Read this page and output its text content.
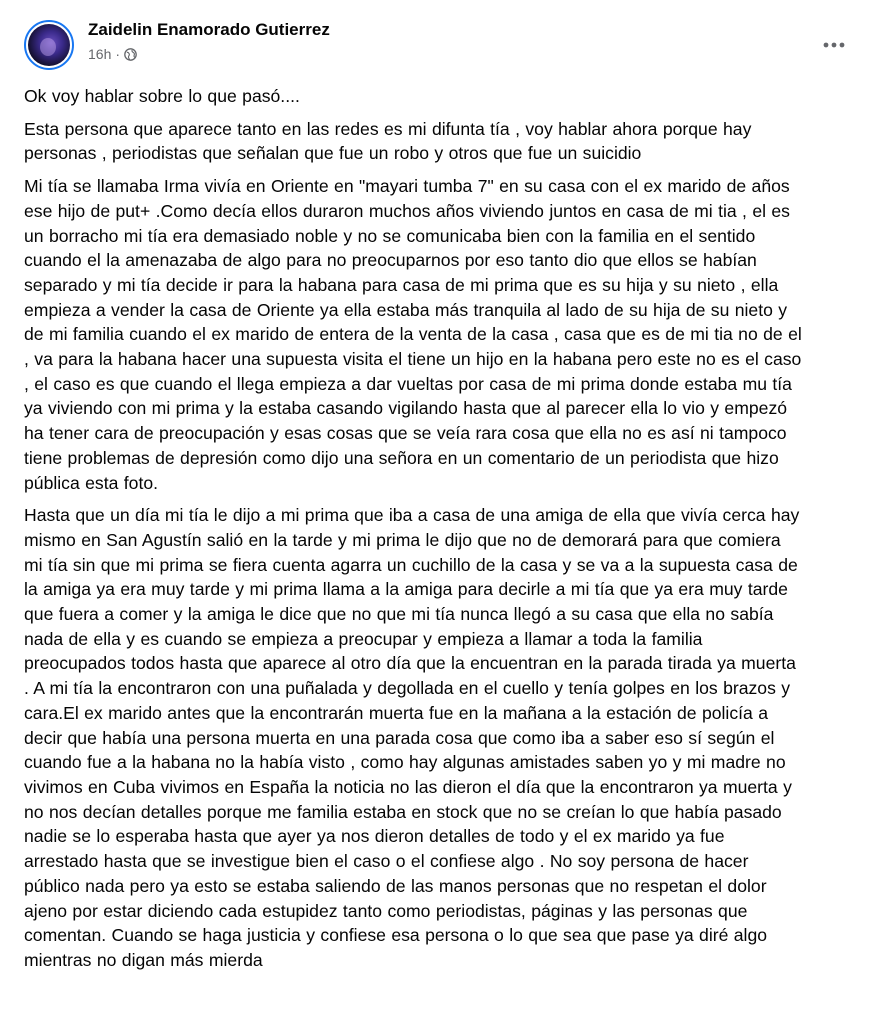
Zaidelin Enamorado Gutierrez
16h ·

Ok voy hablar sobre lo que pasó....

Esta persona que aparece tanto en las redes es mi difunta tía , voy hablar ahora porque hay
personas , periodistas que señalan que fue un robo y otros que fue un suicidio

Mi tía se llamaba Irma vivía en Oriente en "mayari tumba 7" en su casa con el ex marido de años
ese hijo de put+ .Como decía ellos duraron muchos años viviendo juntos en casa de mi tia , el es
un borracho mi tía era demasiado noble y no se comunicaba bien con la familia en el sentido
cuando el la amenazaba de algo para no preocuparnos por eso tanto dio que ellos se habían
separado y mi tía decide ir para la habana para casa de mi prima que es su hija y su nieto , ella
empieza a vender la casa de Oriente ya ella estaba más tranquila al lado de su hija de su nieto y
de mi familia cuando el ex marido de entera de la venta de la casa , casa que es de mi tia no de el
, va para la habana hacer una supuesta visita el tiene un hijo en la habana pero este no es el caso
, el caso es que cuando el llega empieza a dar vueltas por casa de mi prima donde estaba mu tía
ya viviendo con mi prima y la estaba casando vigilando hasta que al parecer ella lo vio y empezó
ha tener cara de preocupación y esas cosas que se veía rara cosa que ella no es así ni tampoco
tiene problemas de depresión como dijo una señora en un comentario de un periodista que hizo
pública esta foto.

Hasta que un día mi tía le dijo a mi prima que iba a casa de una amiga de ella que vivía cerca hay
mismo en San Agustín salió en la tarde y mi prima le dijo que no de demorará para que comiera
mi tía sin que mi prima se fiera cuenta agarra un cuchillo de la casa y se va a la supuesta casa de
la amiga ya era muy tarde y mi prima llama a la amiga para decirle a mi tía que ya era muy tarde
que fuera a comer y la amiga le dice que no que mi tía nunca llegó a su casa que ella no sabía
nada de ella y es cuando se empieza a preocupar y empieza a llamar a toda la familia
preocupados todos hasta que aparece al otro día que la encuentran en la parada tirada ya muerta
. A mi tía la encontraron con una puñalada y degollada en el cuello y tenía golpes en los brazos y
cara.El ex marido antes que la encontrarán muerta fue en la mañana a la estación de policía a
decir que había una persona muerta en una parada cosa que como iba a saber eso sí según el
cuando fue a la habana no la había visto , como hay algunas amistades saben yo y mi madre no
vivimos en Cuba vivimos en España la noticia no las dieron el día que la encontraron ya muerta y
no nos decían detalles porque me familia estaba en stock que no se creían lo que había pasado
nadie se lo esperaba hasta que ayer ya nos dieron detalles de todo y el ex marido ya fue
arrestado hasta que se investigue bien el caso o el confiese algo . No soy persona de hacer
público nada pero ya esto se estaba saliendo de las manos personas que no respetan el dolor
ajeno por estar diciendo cada estupidez tanto como periodistas, páginas y las personas que
comentan. Cuando se haga justicia y confiese esa persona o lo que sea que pase ya diré algo
mientras no digan más mierda
